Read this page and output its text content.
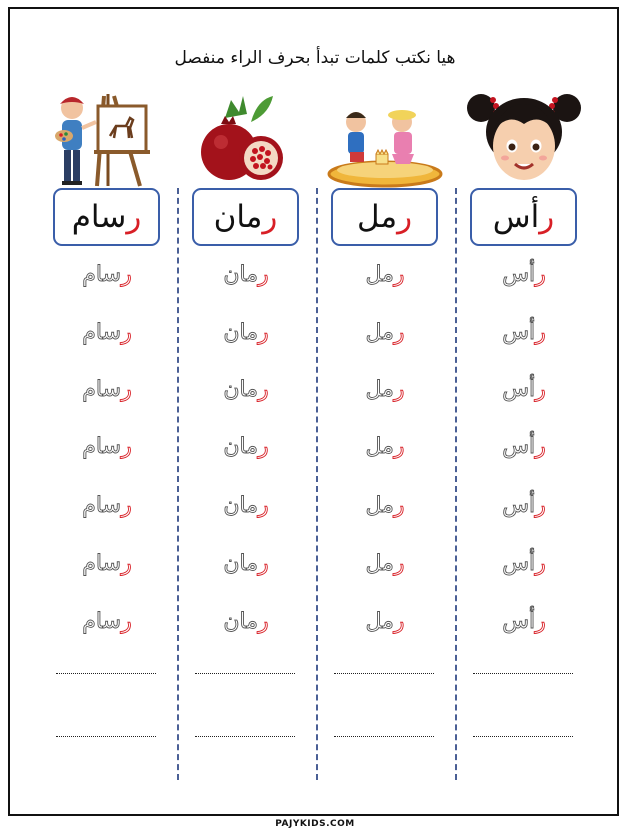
هيا نكتب كلمات تبدأ بحرف الراء منفصل
ر
سام
رسام
رسام
رسام
رسام
رسام
رسام
رسام
ر
مان
رمان
رمان
رمان
رمان
رمان
رمان
رمان
ر
مل
رمل
رمل
رمل
رمل
رمل
رمل
رمل
ر
أس
رأس
رأس
رأس
رأس
رأس
رأس
رأس
PAJYKIDS.COM
